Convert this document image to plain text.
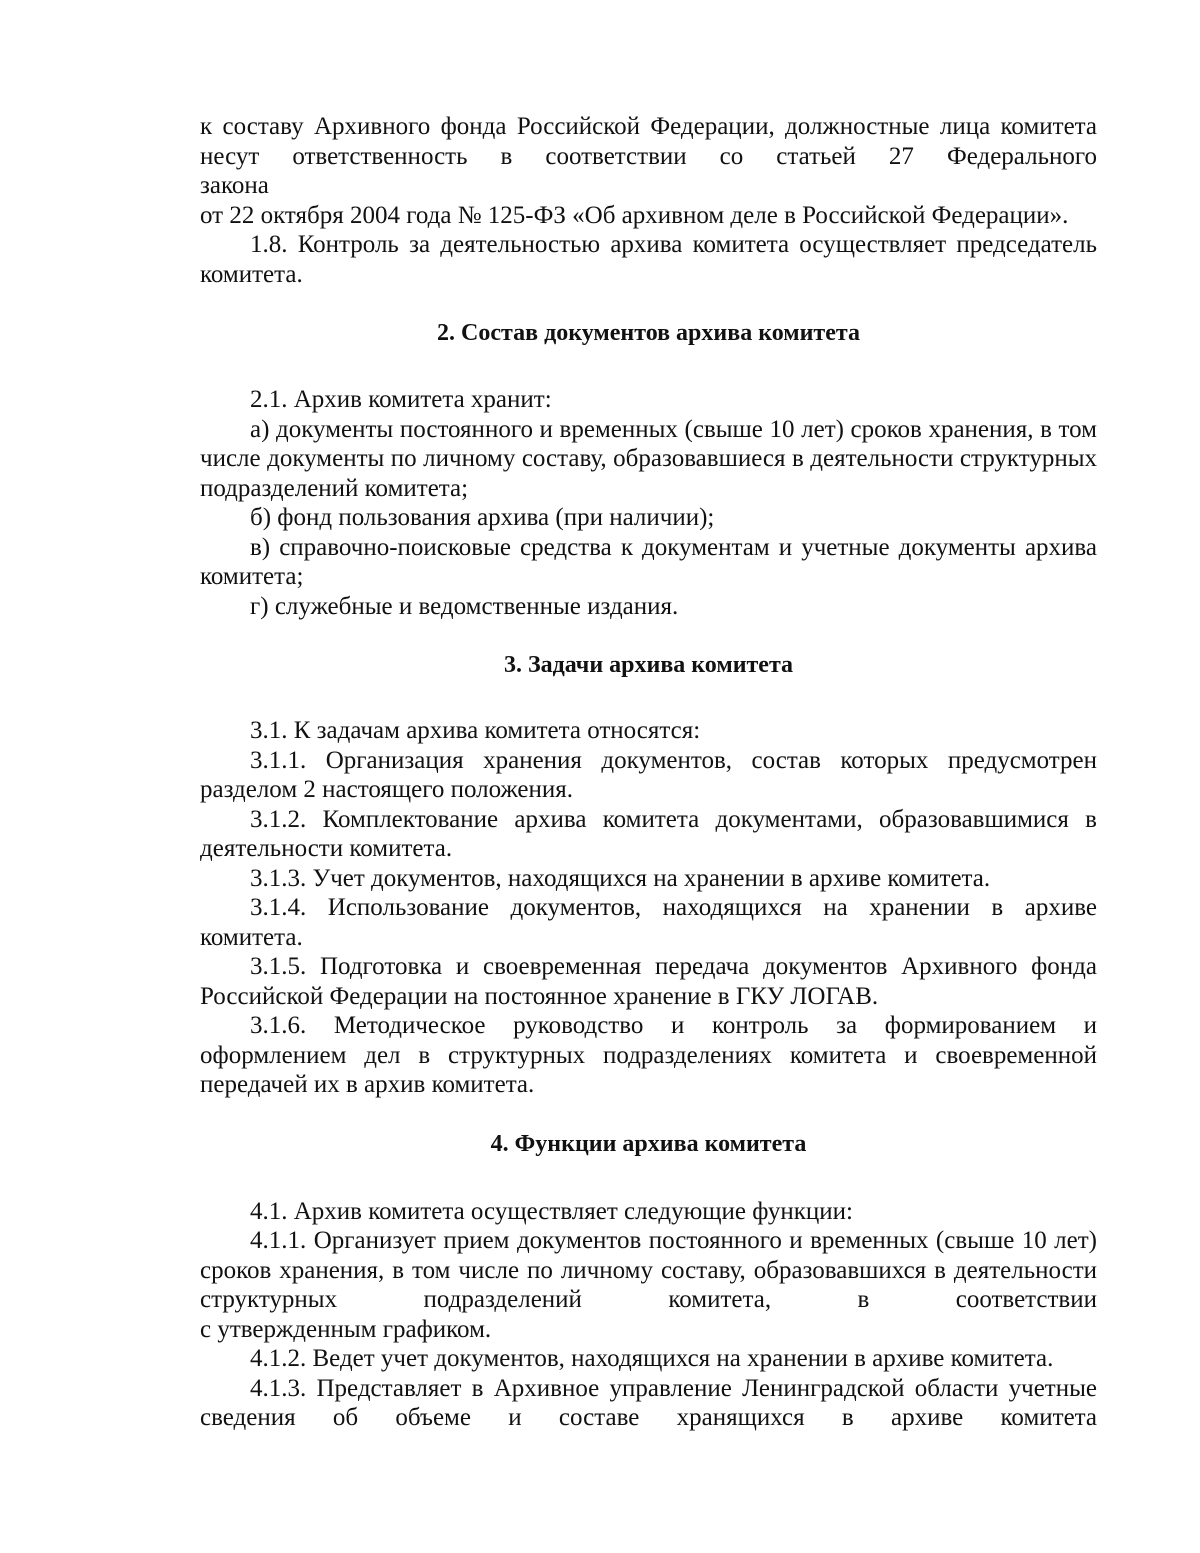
к составу Архивного фонда Российской Федерации, должностные лица комитета несут ответственность в соответствии со статьей 27 Федерального

закона

от 22 октября 2004 года № 125-ФЗ «Об архивном деле в Российской Федерации».

1.8. Контроль за деятельностью архива комитета осуществляет председатель комитета.

2. Состав документов архива комитета

2.1. Архив комитета хранит:

а) документы постоянного и временных (свыше 10 лет) сроков хранения, в том числе документы по личному составу, образовавшиеся в деятельности структурных подразделений комитета;

б) фонд пользования архива (при наличии);

в) справочно-поисковые средства к документам и учетные документы архива комитета;

г) служебные и ведомственные издания.

3. Задачи архива комитета

3.1. К задачам архива комитета относятся:

3.1.1. Организация хранения документов, состав которых предусмотрен разделом 2 настоящего положения.

3.1.2. Комплектование архива комитета документами, образовавшимися в деятельности комитета.

3.1.3. Учет документов, находящихся на хранении в архиве комитета.

3.1.4. Использование документов, находящихся на хранении в архиве комитета.

3.1.5. Подготовка и своевременная передача документов Архивного фонда Российской Федерации на постоянное хранение в ГКУ ЛОГАВ.

3.1.6. Методическое руководство и контроль за формированием и оформлением дел в структурных подразделениях комитета и своевременной передачей их в архив комитета.

4. Функции архива комитета

4.1. Архив комитета осуществляет следующие функции:

4.1.1. Организует прием документов постоянного и временных (свыше 10 лет) сроков хранения, в том числе по личному составу, образовавшихся в деятельности структурных подразделений комитета, в соответствии

с утвержденным графиком.

4.1.2. Ведет учет документов, находящихся на хранении в архиве комитета.

4.1.3. Представляет в Архивное управление Ленинградской области учетные сведения об объеме и составе хранящихся в архиве комитета
